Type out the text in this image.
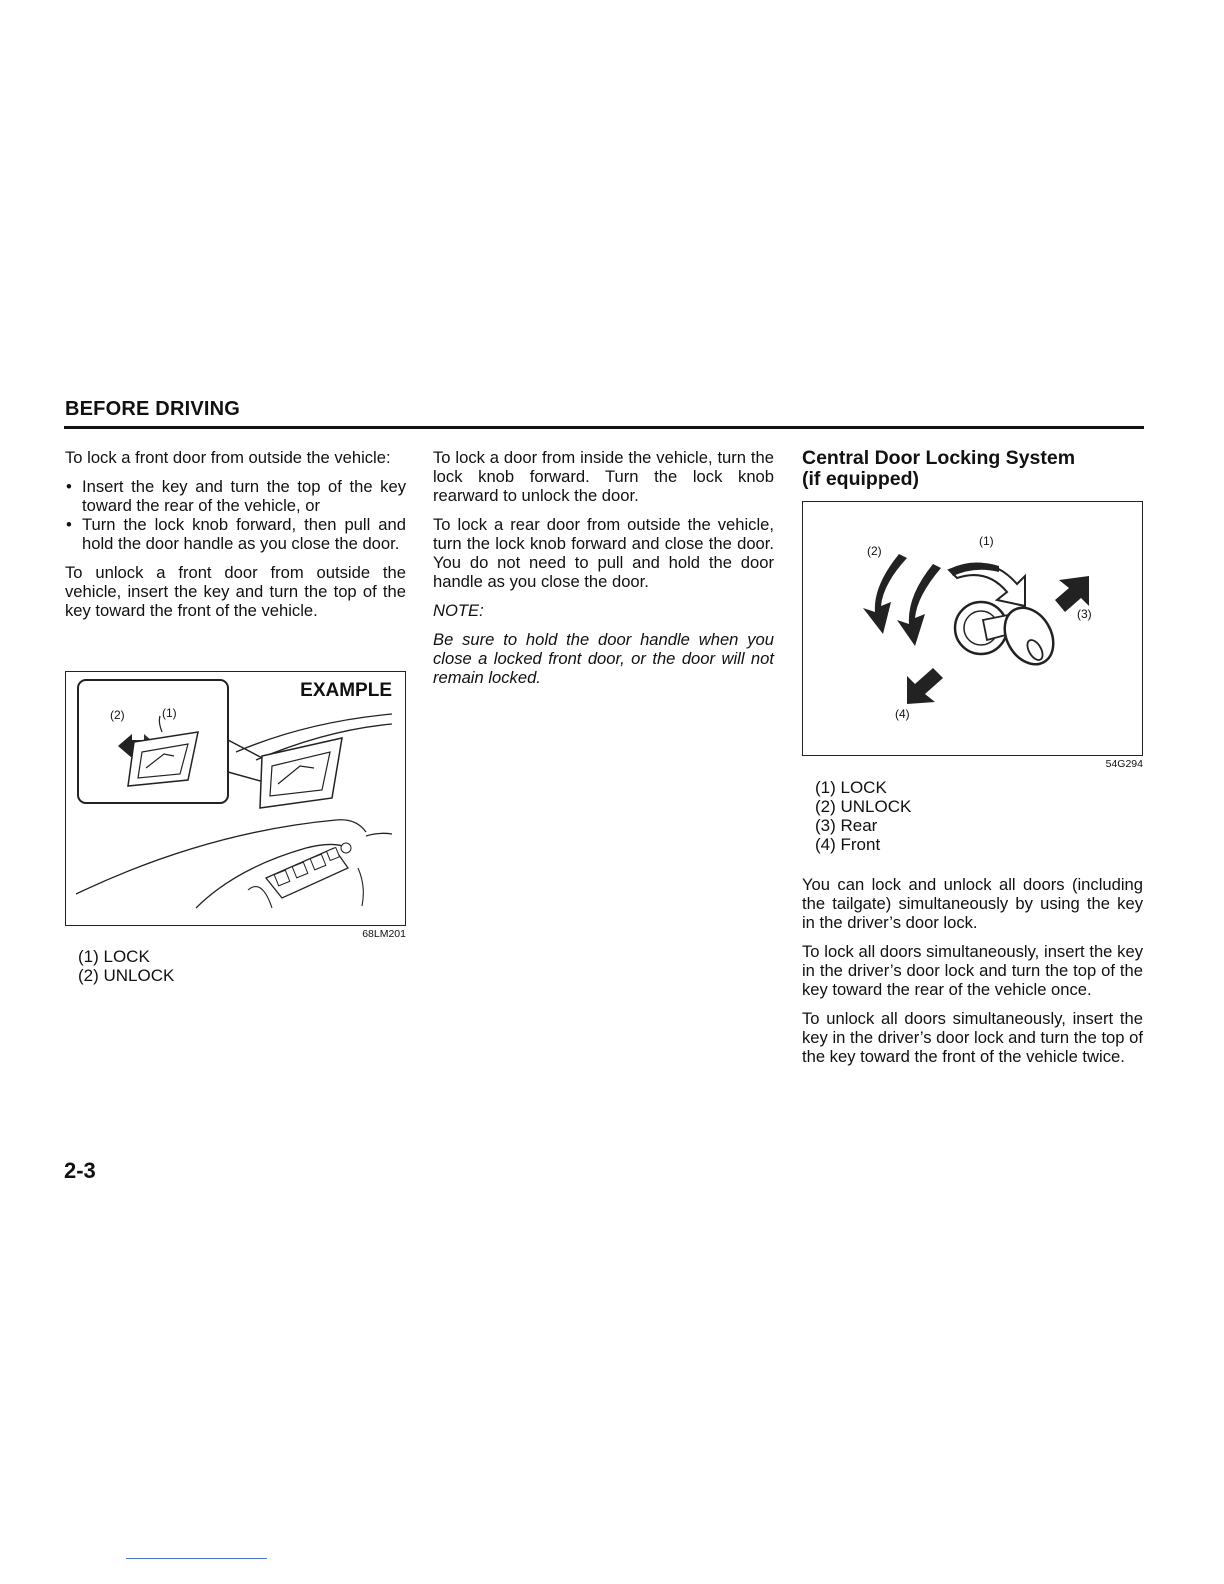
BEFORE DRIVING

To lock a front door from outside the vehicle:

• Insert the key and turn the top of the key toward the rear of the vehicle, or
• Turn the lock knob forward, then pull and hold the door handle as you close the door.

To unlock a front door from outside the vehicle, insert the key and turn the top of the key toward the front of the vehicle.

EXAMPLE
(2)	(1)
68LM201
(1) LOCK
(2) UNLOCK

To lock a door from inside the vehicle, turn the lock knob forward. Turn the lock knob rearward to unlock the door.

To lock a rear door from outside the vehicle, turn the lock knob forward and close the door. You do not need to pull and hold the door handle as you close the door.

NOTE:

Be sure to hold the door handle when you close a locked front door, or the door will not remain locked.

Central Door Locking System
(if equipped)
(2)
(1)
(3)
(4)
54G294
(1) LOCK
(2) UNLOCK
(3) Rear
(4) Front

You can lock and unlock all doors (including the tailgate) simultaneously by using the key in the driver’s door lock.

To lock all doors simultaneously, insert the key in the driver’s door lock and turn the top of the key toward the rear of the vehicle once.

To unlock all doors simultaneously, insert the key in the driver’s door lock and turn the top of the key toward the front of the vehicle twice.

2-3
